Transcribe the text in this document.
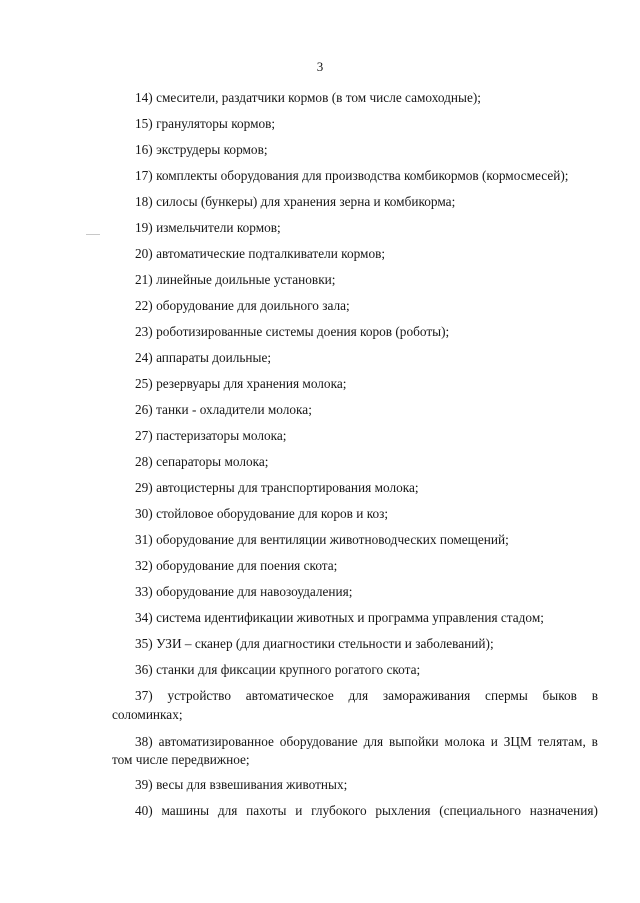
3
14) смесители, раздатчики кормов (в том числе самоходные);
15) грануляторы кормов;
16) экструдеры кормов;
17) комплекты оборудования для производства комбикормов (кормосмесей);
18) силосы (бункеры) для хранения зерна и комбикорма;
19) измельчители кормов;
20) автоматические подталкиватели кормов;
21) линейные доильные установки;
22) оборудование для доильного зала;
23) роботизированные системы доения коров (роботы);
24) аппараты доильные;
25) резервуары для хранения молока;
26) танки - охладители молока;
27) пастеризаторы молока;
28) сепараторы молока;
29) автоцистерны для транспортирования молока;
30) стойловое оборудование для коров и коз;
31) оборудование для вентиляции животноводческих помещений;
32) оборудование для поения скота;
33) оборудование для навозоудаления;
34) система идентификации животных и программа управления стадом;
35) УЗИ – сканер (для диагностики стельности и заболеваний);
36) станки для фиксации крупного рогатого скота;
37) устройство автоматическое для замораживания спермы быков в
соломинках;
38) автоматизированное оборудование для выпойки молока и ЗЦМ телятам, в
том числе передвижное;
39) весы для взвешивания животных;
40) машины для пахоты и глубокого рыхления (специального назначения)
